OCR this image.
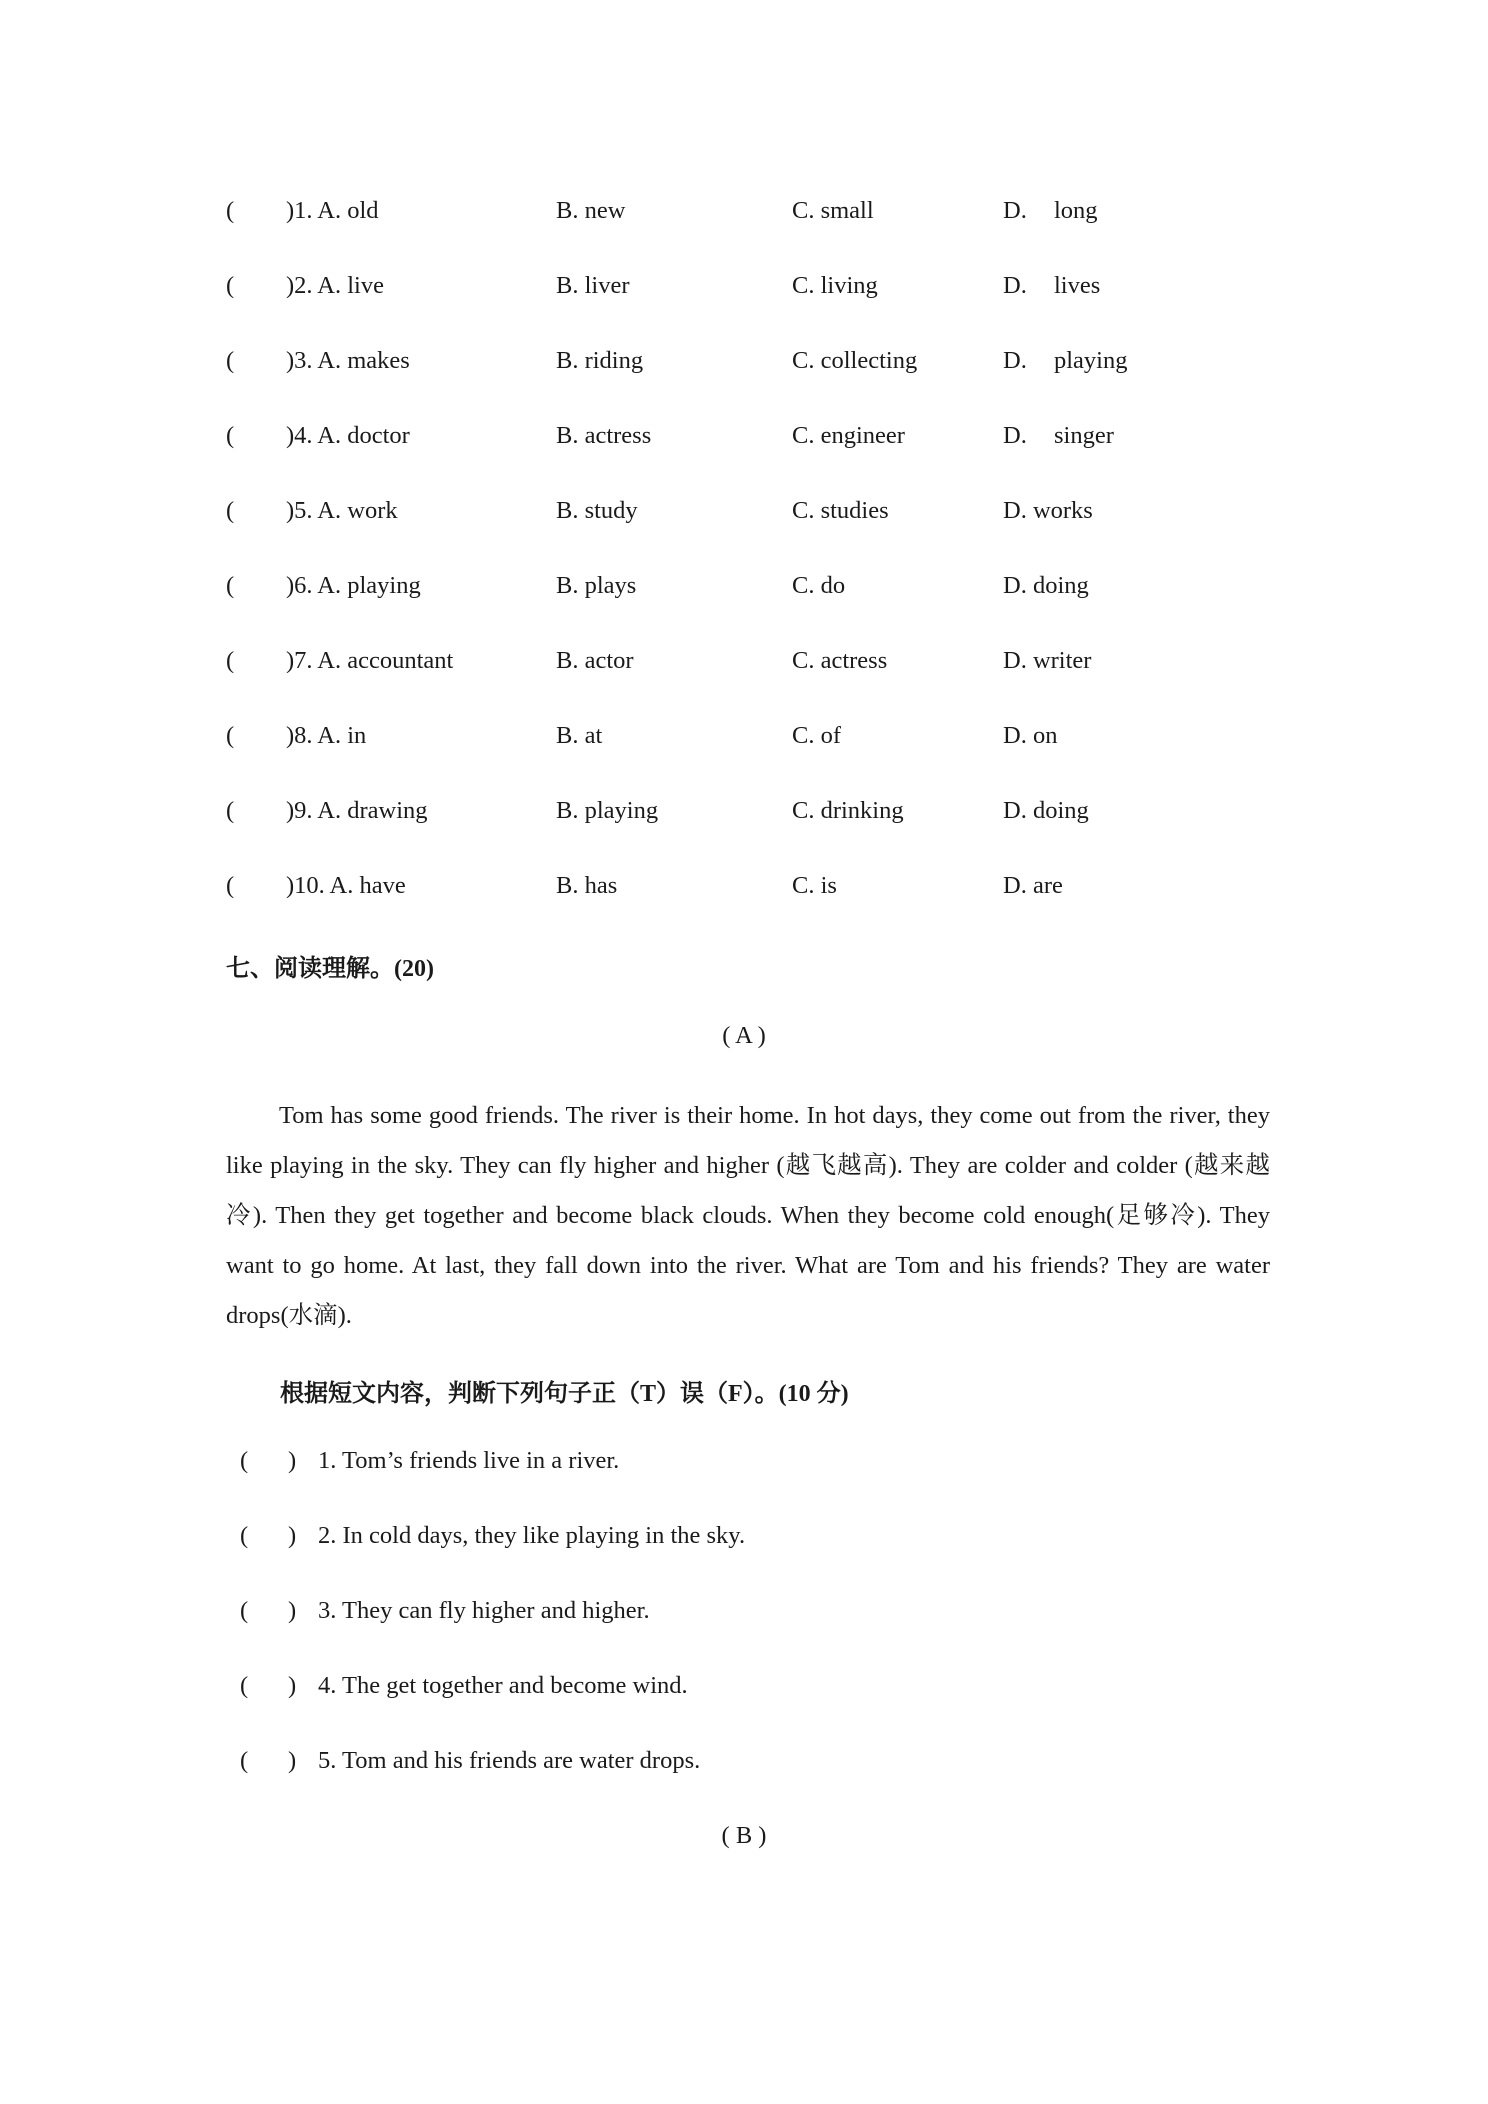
( )1. A. old	B. new	C. small	D. long
( )2. A. live	B. liver	C. living	D. lives
( )3. A. makes	B. riding	C. collecting	D. playing
( )4. A. doctor	B. actress	C. engineer	D. singer
( )5. A. work	B. study	C. studies	D. works
( )6. A. playing	B. plays	C. do	D. doing
( )7. A. accountant	B. actor	C. actress	D. writer
( )8. A. in	B. at	C. of	D. on
( )9. A. drawing	B. playing	C. drinking	D. doing
( )10. A. have	B. has	C. is	D. are
七、阅读理解。(20)
( A )

Tom has some good friends. The river is their home. In hot days, they come out from the river, they like playing in the sky. They can fly higher and higher (越飞越高). They are colder and colder (越来越冷). Then they get together and become black clouds. When they become cold enough(足够冷). They want to go home. At last, they fall down into the river. What are Tom and his friends? They are water drops(水滴).

根据短文内容，判断下列句子正（T）误（F）。(10 分)
( ) 1. Tom’s friends live in a river.
( ) 2. In cold days, they like playing in the sky.
( ) 3. They can fly higher and higher.
( ) 4. The get together and become wind.
( ) 5. Tom and his friends are water drops.
( B )
